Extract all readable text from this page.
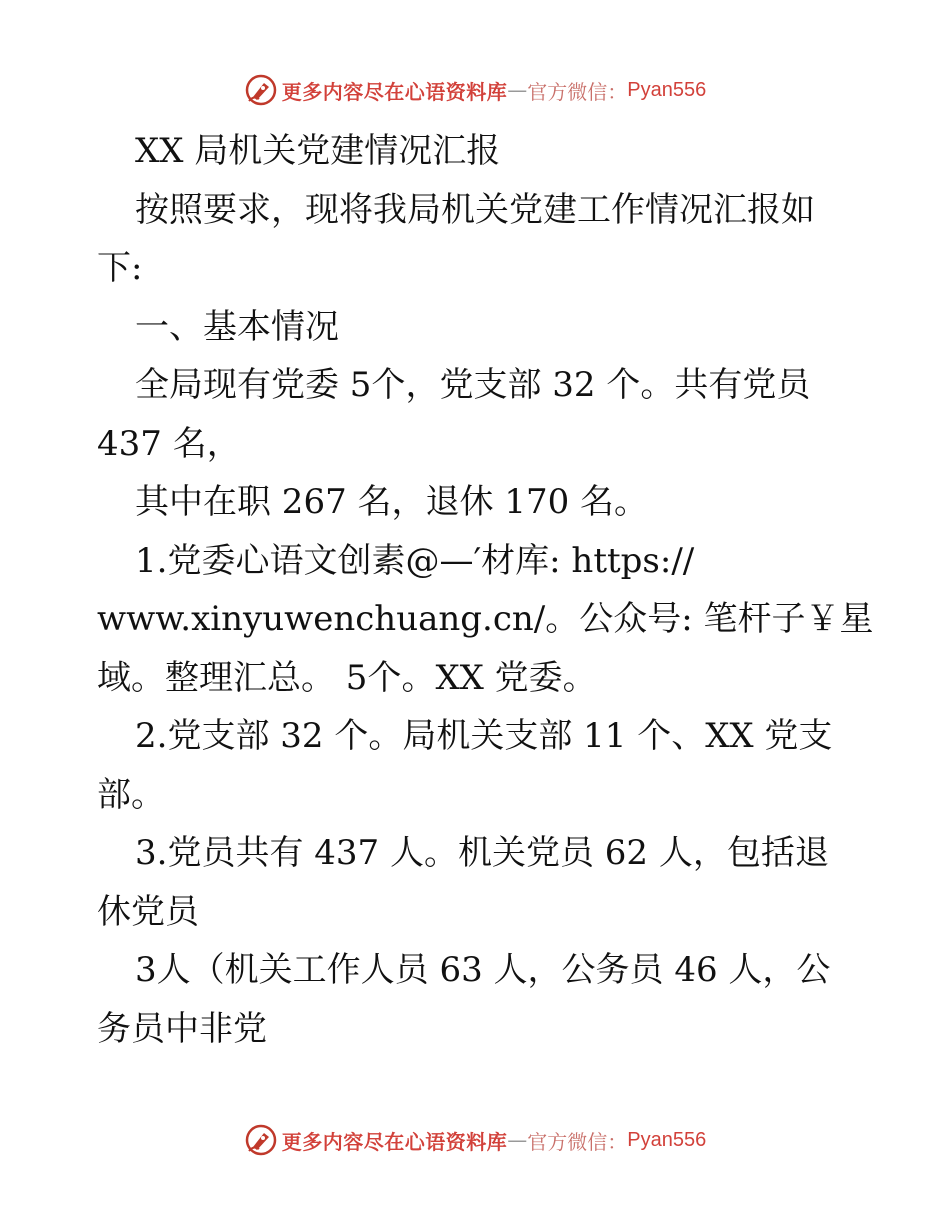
更多内容尽在心语资料库 — 官方微信： Pyan556
XX 局机关党建情况汇报
按照要求，现将我局机关党建工作情况汇报如
下:
一、基本情况
全局现有党委 5个，党支部 32 个。共有党员
437 名，
其中在职 267 名，退休 170 名。
1.党委心语文创素@—′材库: https://
www.xinyuwenchuang.cn/。公众号: 笔杆子￥星
域。整理汇总。 5个。XX 党委。
2.党支部 32 个。局机关支部 11 个、XX 党支
部。
3.党员共有 437 人。机关党员 62 人，包括退
休党员
3人（机关工作人员 63 人，公务员 46 人，公
务员中非党
更多内容尽在心语资料库 — 官方微信： Pyan556
